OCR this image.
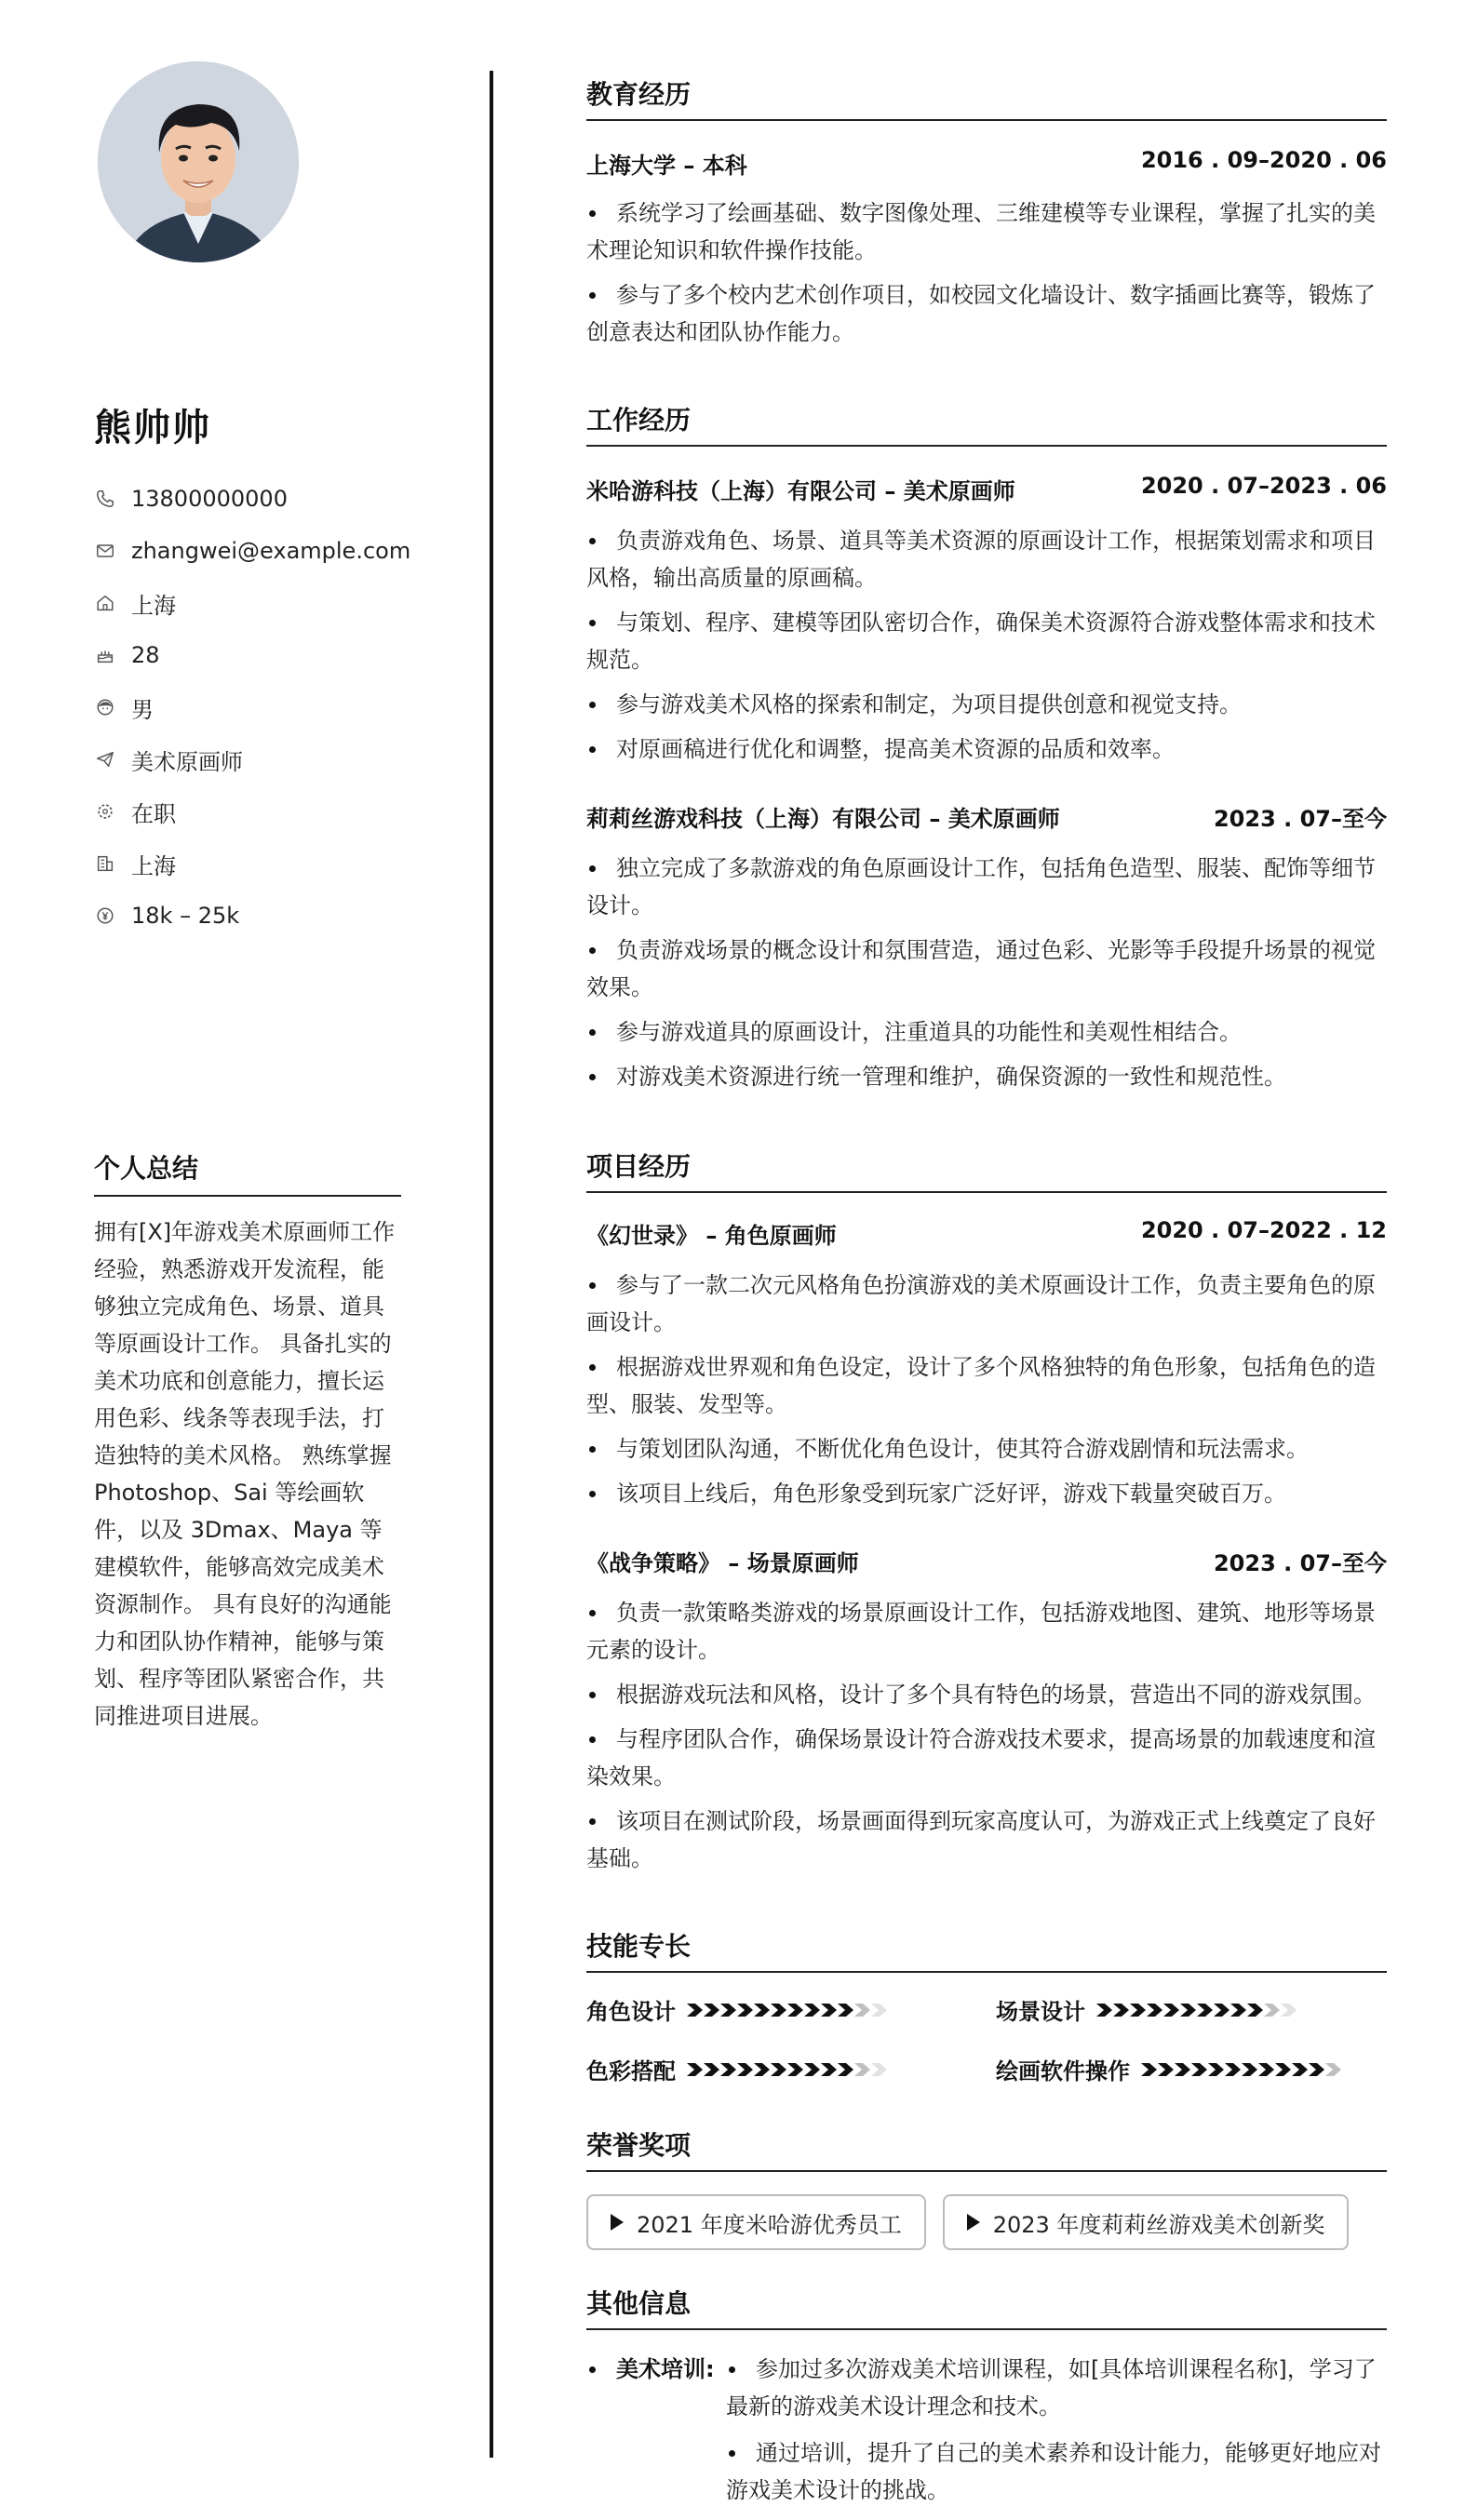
熊帅帅
13800000000
zhangwei@example.com
上海
28
男
美术原画师
在职
上海
18k – 25k
个人总结
拥有[X]年游戏美术原画师工作经验，熟悉游戏开发流程，能够独立完成角色、场景、道具等原画设计工作。 具备扎实的美术功底和创意能力，擅长运用色彩、线条等表现手法，打造独特的美术风格。 熟练掌握 Photoshop、Sai 等绘画软件，以及 3Dmax、Maya 等建模软件，能够高效完成美术资源制作。 具有良好的沟通能力和团队协作精神，能够与策划、程序等团队紧密合作，共同推进项目进展。
教育经历
上海大学 – 本科	2016 . 09–2020 . 06
系统学习了绘画基础、数字图像处理、三维建模等专业课程，掌握了扎实的美术理论知识和软件操作技能。
参与了多个校内艺术创作项目，如校园文化墙设计、数字插画比赛等，锻炼了创意表达和团队协作能力。
工作经历
米哈游科技（上海）有限公司 – 美术原画师	2020 . 07–2023 . 06
负责游戏角色、场景、道具等美术资源的原画设计工作，根据策划需求和项目风格，输出高质量的原画稿。
与策划、程序、建模等团队密切合作，确保美术资源符合游戏整体需求和技术规范。
参与游戏美术风格的探索和制定，为项目提供创意和视觉支持。
对原画稿进行优化和调整，提高美术资源的品质和效率。
莉莉丝游戏科技（上海）有限公司 – 美术原画师	2023 . 07–至今
独立完成了多款游戏的角色原画设计工作，包括角色造型、服装、配饰等细节设计。
负责游戏场景的概念设计和氛围营造，通过色彩、光影等手段提升场景的视觉效果。
参与游戏道具的原画设计，注重道具的功能性和美观性相结合。
对游戏美术资源进行统一管理和维护，确保资源的一致性和规范性。
项目经历
《幻世录》 – 角色原画师	2020 . 07–2022 . 12
参与了一款二次元风格角色扮演游戏的美术原画设计工作，负责主要角色的原画设计。
根据游戏世界观和角色设定，设计了多个风格独特的角色形象，包括角色的造型、服装、发型等。
与策划团队沟通，不断优化角色设计，使其符合游戏剧情和玩法需求。
该项目上线后，角色形象受到玩家广泛好评，游戏下载量突破百万。
《战争策略》 – 场景原画师	2023 . 07–至今
负责一款策略类游戏的场景原画设计工作，包括游戏地图、建筑、地形等场景元素的设计。
根据游戏玩法和风格，设计了多个具有特色的场景，营造出不同的游戏氛围。
与程序团队合作，确保场景设计符合游戏技术要求，提高场景的加载速度和渲染效果。
该项目在测试阶段，场景画面得到玩家高度认可，为游戏正式上线奠定了良好基础。
技能专长
角色设计	场景设计
色彩搭配	绘画软件操作
荣誉奖项
2021 年度米哈游优秀员工	2023 年度莉莉丝游戏美术创新奖
其他信息
美术培训:	参加过多次游戏美术培训课程，如[具体培训课程名称]，学习了最新的游戏美术设计理念和技术。
通过培训，提升了自己的美术素养和设计能力，能够更好地应对游戏美术设计的挑战。
